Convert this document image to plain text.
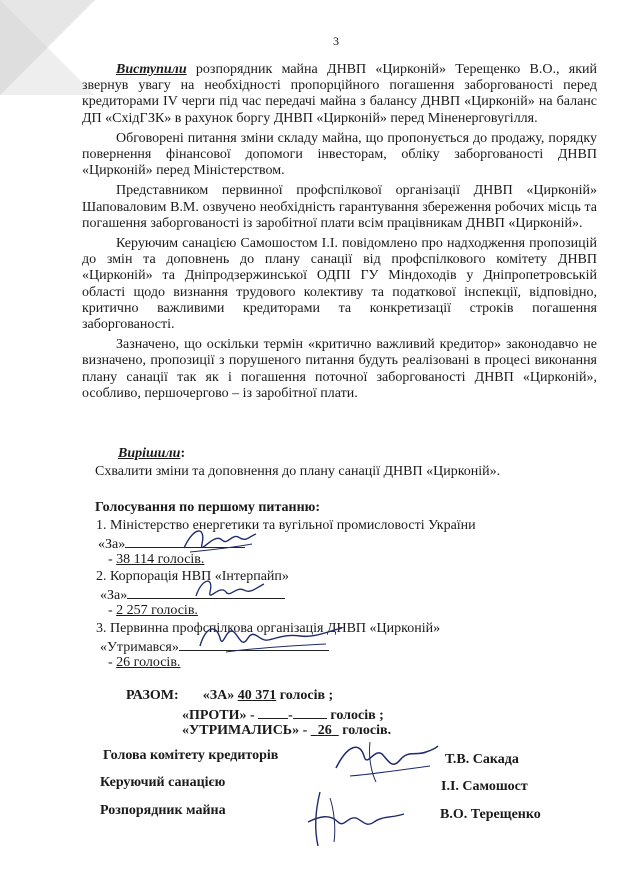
3

Виступили розпорядник майна ДНВП «Цирконій» Терещенко В.О., який звернув увагу на необхідності пропорційного погашення заборгованості перед кредиторами IV черги під час передачі майна з балансу ДНВП «Цирконій» на баланс ДП «СхідГЗК» в рахунок боргу ДНВП «Цирконій» перед Міненерговугілля.

Обговорені питання зміни складу майна, що пропонується до продажу, порядку повернення фінансової допомоги інвесторам, обліку заборгованості ДНВП «Цирконій» перед Міністерством.

Представником первинної профспілкової організації ДНВП «Цирконій» Шаповаловим В.М. озвучено необхідність гарантування збереження робочих місць та погашення заборгованості із заробітної плати всім працівникам ДНВП «Цирконій».

Керуючим санацією Самошостом І.І. повідомлено про надходження пропозицій до змін та доповнень до плану санації від профспілкового комітету ДНВП «Цирконій» та Дніпродзержинської ОДПІ ГУ Міндоходів у Дніпропетровській області щодо визнання трудового колективу та податкової інспекції, відповідно, критично важливими кредиторами та конкретизації строків погашення заборгованості.

Зазначено, що оскільки термін «критично важливий кредитор» законодавчо не визначено, пропозиції з порушеного питання будуть реалізовані в процесі виконання плану санації так як і погашення поточної заборгованості ДНВП «Цирконій», особливо, першочергово – із заробітної плати.

Вирішили:
Схвалити зміни та доповнення до плану санації ДНВП «Цирконій».
Голосування по першому питанню:
1. Міністерство енергетики та вугільної промисловості України
«За»
- 38 114 голосів.
2. Корпорація НВП «Інтерпайп»
«За»
- 2 257 голосів.
3. Первинна профспілкова організація ДНВП «Цирконій»
«Утримався»
- 26 голосів.
РАЗОМ: «ЗА» 40 371 голосів ;
«ПРОТИ» - - голосів ;
«УТРИМАЛИСЬ» -   26   голосів.
Голова комітету кредиторів	Т.В. Сакада
Керуючий санацією	І.І. Самошост
Розпорядник майна	В.О. Терещенко
